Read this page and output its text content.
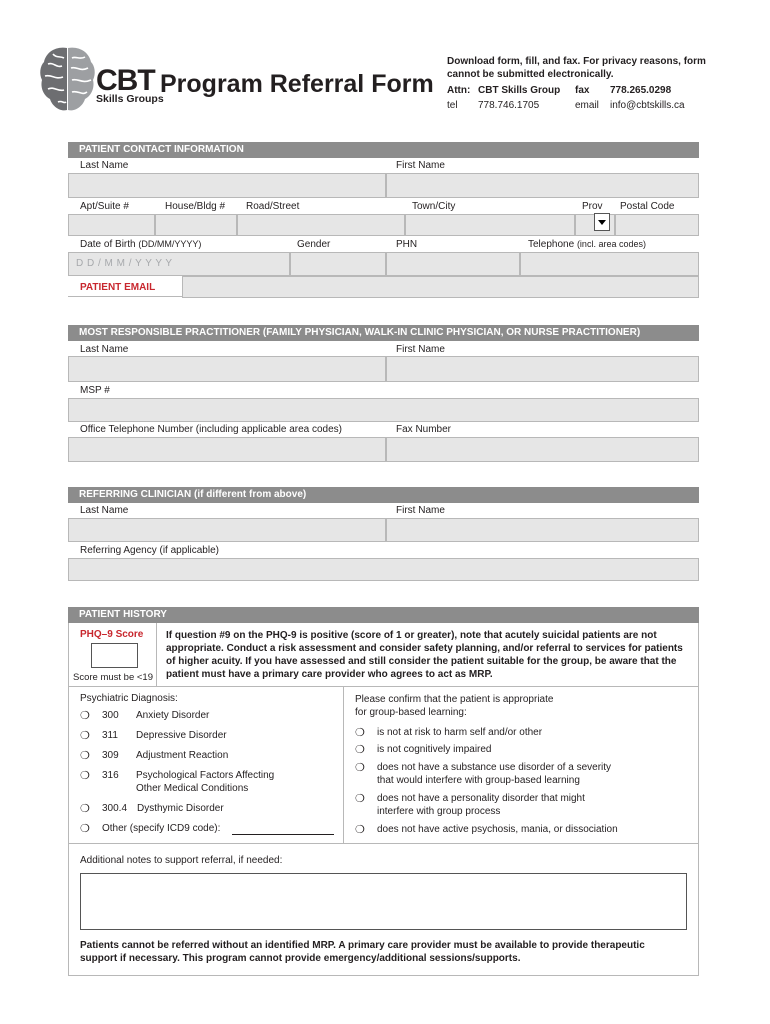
CBT
Skills Groups
Program Referral Form
Download form, fill, and fax. For privacy reasons, form cannot be submitted electronically.
Attn: CBT Skills Group fax 778.265.0298
tel 778.746.1705	email info@cbtskills.ca
PATIENT CONTACT INFORMATION
Last Name	First Name
Apt/Suite #	House/Bldg # Road/Street	Town/City	Prov Postal Code
Date of Birth (DD/MM/YYYY)	Gender	PHN	Telephone (incl. area codes)
D D / M M / Y Y Y Y
PATIENT EMAIL
MOST RESPONSIBLE PRACTITIONER (FAMILY PHYSICIAN, WALK-IN CLINIC PHYSICIAN, OR NURSE PRACTITIONER)
Last Name	First Name
MSP #
Office Telephone Number (including applicable area codes)	Fax Number
REFERRING CLINICIAN (if different from above)
Last Name	First Name
Referring Agency (if applicable)
PATIENT HISTORY
PHQ–9 Score
Score must be <19
If question #9 on the PHQ-9 is positive (score of 1 or greater), note that acutely suicidal patients are not
appropriate. Conduct a risk assessment and consider safety planning, and/or referral to services for patients
of higher acuity. If you have assessed and still consider the patient suitable for the group, be aware that the
patient must have a primary care provider who agrees to act as MRP.
Psychiatric Diagnosis:
❍ 300 Anxiety Disorder
❍ 311 Depressive Disorder
❍ 309 Adjustment Reaction
❍ 316 Psychological Factors Affecting
Other Medical Conditions
❍ 300.4 Dysthymic Disorder
❍ Other (specify ICD9 code):
Please confirm that the patient is appropriate
for group-based learning:
❍ is not at risk to harm self and/or other
❍ is not cognitively impaired
❍ does not have a substance use disorder of a severity
that would interfere with group-based learning
❍ does not have a personality disorder that might
interfere with group process
❍ does not have active psychosis, mania, or dissociation
Additional notes to support referral, if needed:
Patients cannot be referred without an identified MRP. A primary care provider must be available to provide therapeutic
support if necessary. This program cannot provide emergency/additional sessions/supports.
